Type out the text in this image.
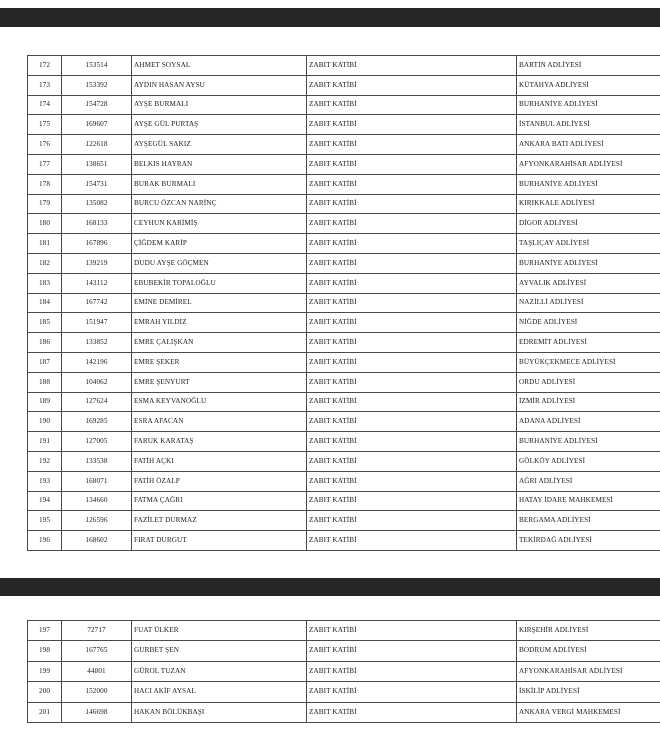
172	153514	AHMET SOYSAL	ZABIT KATİBİ	BARTIN ADLİYESİ
173	153392	AYDIN HASAN AYSU	ZABIT KATİBİ	KÜTAHYA ADLİYESİ
174	154728	AYŞE BURMALI	ZABIT KATİBİ	BURHANİYE ADLİYESİ
175	169607	AYŞE GÜL PURTAŞ	ZABIT KATİBİ	İSTANBUL ADLİYESİ
176	122618	AYŞEGÜL SAKIZ	ZABIT KATİBİ	ANKARA BATI ADLİYESİ
177	138651	BELKIS HAYRAN	ZABIT KATİBİ	AFYONKARAHİSAR ADLİYESİ
178	154731	BURAK BURMALI	ZABIT KATİBİ	BURHANİYE ADLİYESİ
179	135082	BURCU ÖZCAN NARİNÇ	ZABIT KATİBİ	KIRIKKALE ADLİYESİ
180	168133	CEYHUN KARİMİŞ	ZABIT KATİBİ	DİGOR ADLİYESİ
181	167896	ÇİĞDEM KARİP	ZABIT KATİBİ	TAŞLIÇAY ADLİYESİ
182	139219	DUDU AYŞE GÖÇMEN	ZABIT KATİBİ	BURHANİYE ADLİYESİ
183	143112	EBUBEKİR TOPALOĞLU	ZABIT KATİBİ	AYVALIK ADLİYESİ
184	167742	EMİNE DEMİREL	ZABIT KATİBİ	NAZİLLİ ADLİYESİ
185	151947	EMRAH YILDIZ	ZABIT KATİBİ	NİĞDE ADLİYESİ
186	133852	EMRE ÇALIŞKAN	ZABIT KATİBİ	EDREMİT ADLİYESİ
187	142196	EMRE ŞEKER	ZABIT KATİBİ	BÜYÜKÇEKMECE ADLİYESİ
188	104062	EMRE ŞENYURT	ZABIT KATİBİ	ORDU ADLİYESİ
189	127624	ESMA KEYVANOĞLU	ZABIT KATİBİ	İZMİR ADLİYESİ
190	169285	ESRA AFACAN	ZABIT KATİBİ	ADANA ADLİYESİ
191	127005	FARUK KARATAŞ	ZABIT KATİBİ	BURHANİYE ADLİYESİ
192	133538	FATİH AÇKI	ZABIT KATİBİ	GÖLKÖY ADLİYESİ
193	168071	FATİH ÖZALP	ZABIT KATİBİ	AĞRI ADLİYESİ
194	134660	FATMA ÇAĞRI	ZABIT KATİBİ	HATAY İDARE MAHKEMESİ
195	126596	FAZİLET DURMAZ	ZABIT KATİBİ	BERGAMA ADLİYESİ
196	168602	FIRAT DURGUT	ZABIT KATİBİ	TEKİRDAĞ ADLİYESİ
197	72717	FUAT ÜLKER	ZABIT KATİBİ	KIRŞEHİR ADLİYESİ
198	167765	GURBET ŞEN	ZABIT KATİBİ	BODRUM ADLİYESİ
199	44801	GÜROL TUZAN	ZABIT KATİBİ	AFYONKARAHİSAR ADLİYESİ
200	152000	HACI AKİF AYSAL	ZABIT KATİBİ	İSKİLİP ADLİYESİ
201	146698	HAKAN BÖLÜKBAŞI	ZABIT KATİBİ	ANKARA VERGİ MAHKEMESİ
